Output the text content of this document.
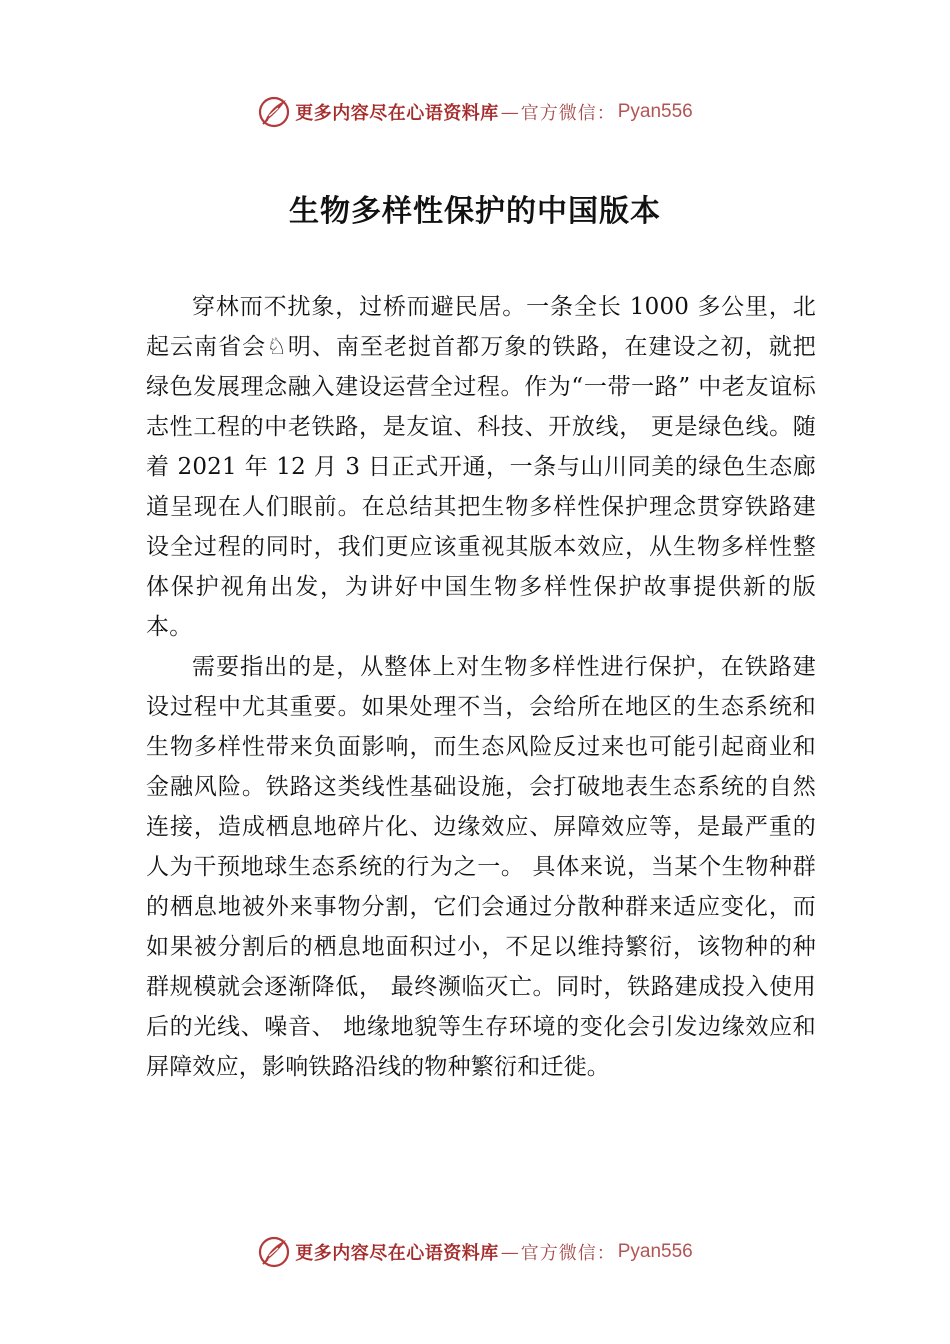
更多内容尽在心语资料库 — 官方微信： Pyan556
生物多样性保护的中国版本

穿林而不扰象，过桥而避民居。一条全长 1000 多公里，北起云南省会♘明、南至老挝首都万象的铁路，在建设之初，就把绿色发展理念融入建设运营全过程。作为“一带一路” 中老友谊标志性工程的中老铁路，是友谊、科技、开放线， 更是绿色线。随着 2021 年 12 月 3 日正式开通，一条与山川同美的绿色生态廊道呈现在人们眼前。在总结其把生物多样性保护理念贯穿铁路建设全过程的同时，我们更应该重视其版本效应，从生物多样性整体保护视角出发，为讲好中国生物多样性保护故事提供新的版本。

需要指出的是，从整体上对生物多样性进行保护，在铁路建设过程中尤其重要。如果处理不当，会给所在地区的生态系统和生物多样性带来负面影响，而生态风险反过来也可能引起商业和金融风险。铁路这类线性基础设施，会打破地表生态系统的自然连接，造成栖息地碎片化、边缘效应、屏障效应等，是最严重的人为干预地球生态系统的行为之一。 具体来说，当某个生物种群的栖息地被外来事物分割，它们会通过分散种群来适应变化，而如果被分割后的栖息地面积过小，不足以维持繁衍，该物种的种群规模就会逐渐降低， 最终濒临灭亡。同时，铁路建成投入使用后的光线、噪音、 地缘地貌等生存环境的变化会引发边缘效应和屏障效应，影响铁路沿线的物种繁衍和迁徙。

更多内容尽在心语资料库 — 官方微信： Pyan556
